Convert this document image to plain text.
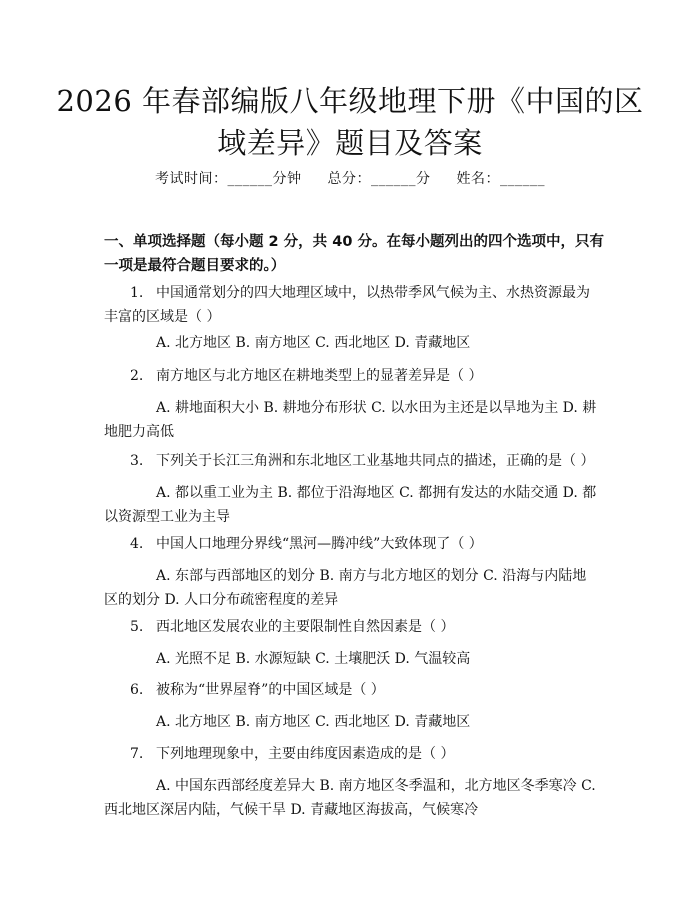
2026 年春部编版八年级地理下册《中国的区
域差异》题目及答案
考试时间：______分钟 总分：______分 姓名：______
一、单项选择题（每小题 2 分，共 40 分。在每小题列出的四个选项中，只有一项是最符合题目要求的。）
1. 中国通常划分的四大地理区域中，以热带季风气候为主、水热资源最为丰富的区域是（ ）
A. 北方地区 B. 南方地区 C. 西北地区 D. 青藏地区
2. 南方地区与北方地区在耕地类型上的显著差异是（ ）
A. 耕地面积大小 B. 耕地分布形状 C. 以水田为主还是以旱地为主 D. 耕地肥力高低
3. 下列关于长江三角洲和东北地区工业基地共同点的描述，正确的是（ ）
A. 都以重工业为主 B. 都位于沿海地区 C. 都拥有发达的水陆交通 D. 都以资源型工业为主导
4. 中国人口地理分界线“黑河—腾冲线”大致体现了（ ）
A. 东部与西部地区的划分 B. 南方与北方地区的划分 C. 沿海与内陆地区的划分 D. 人口分布疏密程度的差异
5. 西北地区发展农业的主要限制性自然因素是（ ）
A. 光照不足 B. 水源短缺 C. 土壤肥沃 D. 气温较高
6. 被称为“世界屋脊”的中国区域是（ ）
A. 北方地区 B. 南方地区 C. 西北地区 D. 青藏地区
7. 下列地理现象中，主要由纬度因素造成的是（ ）
A. 中国东西部经度差异大 B. 南方地区冬季温和，北方地区冬季寒冷 C. 西北地区深居内陆，气候干旱 D. 青藏地区海拔高，气候寒冷
